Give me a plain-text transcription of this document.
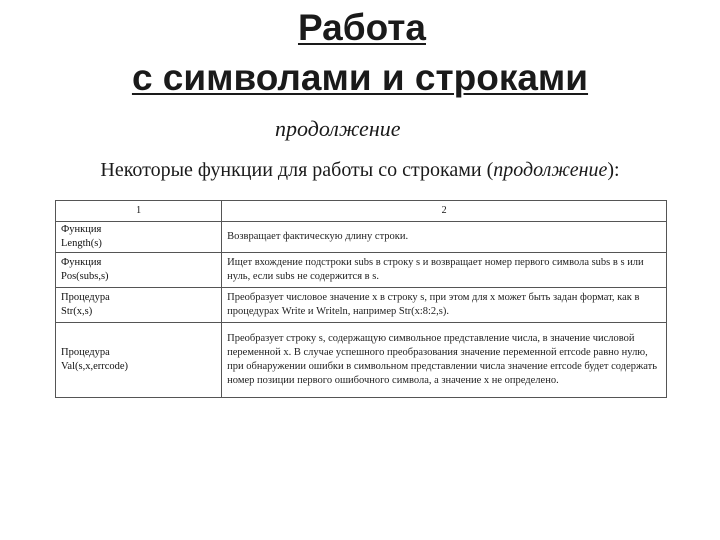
Работа
с символами и строками
продолжение
Некоторые функции для работы со строками (продолжение):
1	2

Функция
Length(s)	Возвращает фактическую длину строки.

Функция
Pos(subs,s)	Ищет вхождение подстроки subs в строку s и возвращает номер первого символа subs в s или нуль, если subs не содержится в s.

Процедура
Str(x,s)	Преобразует числовое значение x в строку s, при этом для x может быть задан формат, как в процедурах Write и Writeln, например Str(x:8:2,s).

Процедура
Val(s,x,errcode)	Преобразует строку s, содержащую символьное представление числа, в значение числовой переменной x. В случае успешного преобразования значение переменной errcode равно нулю, при обнаружении ошибки в символьном представлении числа значение errcode будет содержать номер позиции первого ошибочного символа, а значение x не определено.
